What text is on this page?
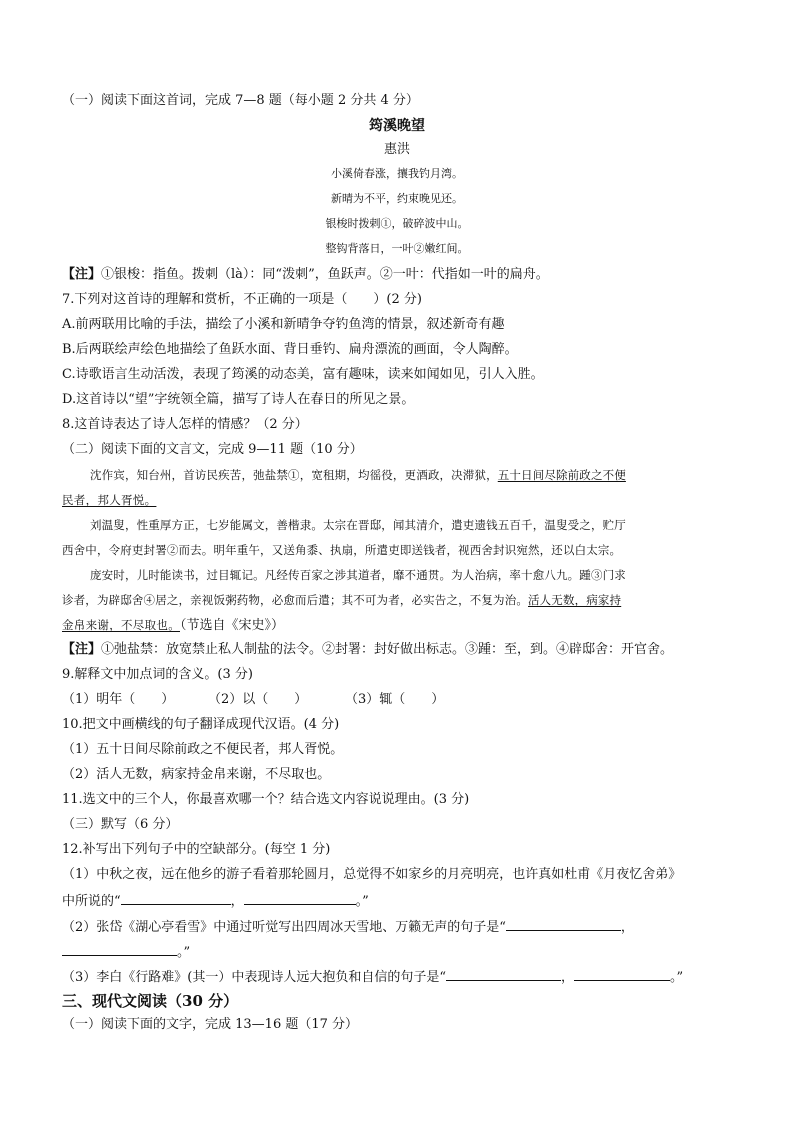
（一）阅读下面这首词，完成 7—8 题（每小题 2 分共 4 分）
筠溪晚望
惠洪
小溪倚春涨，攘我钓月湾。
新晴为不平，约束晚见还。
银梭时拨剌①，破碎波中山。
整钩背落日，一叶②嫩红间。
【注】①银梭：指鱼。拨刺（là）：同“泼刺”，鱼跃声。②一叶：代指如一叶的扁舟。
7.下列对这首诗的理解和赏析，不正确的一项是（　　）(2 分)
A.前两联用比喻的手法，描绘了小溪和新晴争夺钓鱼湾的情景，叙述新奇有趣
B.后两联绘声绘色地描绘了鱼跃水面、背日垂钓、扁舟漂流的画面，令人陶醉。
C.诗歌语言生动活泼，表现了筠溪的动态美，富有趣味，读来如闻如见，引人入胜。
D.这首诗以“望”字统领全篇，描写了诗人在春日的所见之景。
8.这首诗表达了诗人怎样的情感？（2 分）
（二）阅读下面的文言文，完成 9—11 题（10 分）
沈作宾，知台州，首访民疾苦，弛盐禁①，宽租期，均徭役，更酒政，决滞狱，五十日间尽除前政之不便
民者，邦人胥悦。
刘温叟，性重厚方正，七岁能属文，善楷隶。太宗在晋邸，闻其清介，遣吏遗钱五百千，温叟受之，贮厅
西舍中，令府吏封署②而去。明年重午，又送角黍、执扇，所遣吏即送钱者，视西舍封识宛然，还以白太宗。
庞安时，儿时能读书，过目辄记。凡经传百家之涉其道者，靡不通贯。为人治病，率十愈八九。踵③门求
诊者，为辟邸舍④居之，亲视饭粥药物，必愈而后遣；其不可为者，必实告之，不复为治。活人无数，病家持
金帛来谢，不尽取也。（节选自《宋史》）
【注】①弛盐禁：放宽禁止私人制盐的法令。②封署：封好做出标志。③踵：至，到。④辟邸舍：开官舍。
9.解释文中加点词的含义。(3 分)
（1）明年（　　）	（2）以（　　）	（3）辄（　　）
10.把文中画横线的句子翻译成现代汉语。(4 分)
（1）五十日间尽除前政之不便民者，邦人胥悦。
（2）活人无数，病家持金帛来谢，不尽取也。
11.选文中的三个人，你最喜欢哪一个？结合选文内容说说理由。(3 分)
（三）默写（6 分）
12.补写出下列句子中的空缺部分。(每空 1 分)
（1）中秋之夜，远在他乡的游子看着那轮圆月，总觉得不如家乡的月亮明亮，也许真如杜甫《月夜忆舍弟》
中所说的“	，	。”
（2）张岱《湖心亭看雪》中通过听觉写出四周冰天雪地、万籁无声的句子是“	，
。”
（3）李白《行路难》(其一）中表现诗人远大抱负和自信的句子是“	，	。”
三、现代文阅读（30 分）
（一）阅读下面的文字，完成 13—16 题（17 分）
